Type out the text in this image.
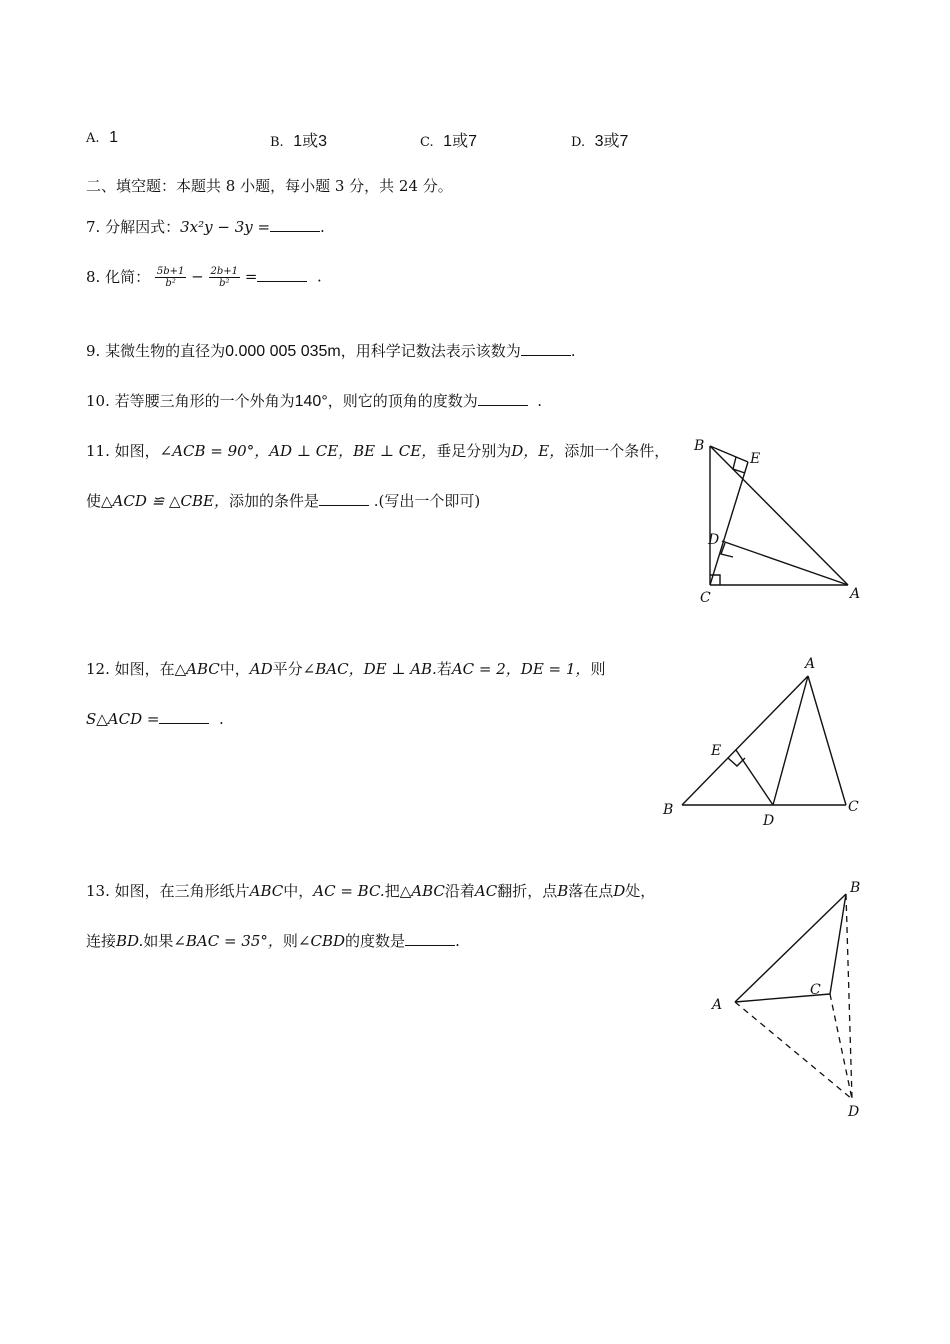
A. 1	B. 1或3	C. 1或7	D. 3或7
二、填空题：本题共 8 小题，每小题 3 分，共 24 分。
7. 分解因式：3x²y − 3y =	.
8. 化简： $\frac{5b+1}{\text{b²}} - \frac{2b+1}{\text{b²}}$ =	.
9. 某微生物的直径为0.000 005 035m，用科学记数法表示该数为	.
10. 若等腰三角形的一个外角为140°，则它的顶角的度数为	.
11. 如图，∠ACB = 90°，AD ⊥ CE，BE ⊥ CE，垂足分别为D，E，添加一个条件，
使△ACD ≌ △CBE，添加的条件是	.(写出一个即可)
B
E
D
C	A
12. 如图，在△ABC中，AD平分∠BAC，DE ⊥ AB.若AC = 2，DE = 1，则
S△ACD =	.
A
E
B
D
C
13. 如图，在三角形纸片ABC中，AC = BC.把△ABC沿着AC翻折，点B落在点D处，
连接BD.如果∠BAC = 35°，则∠CBD的度数是	.
B
C
A
D
